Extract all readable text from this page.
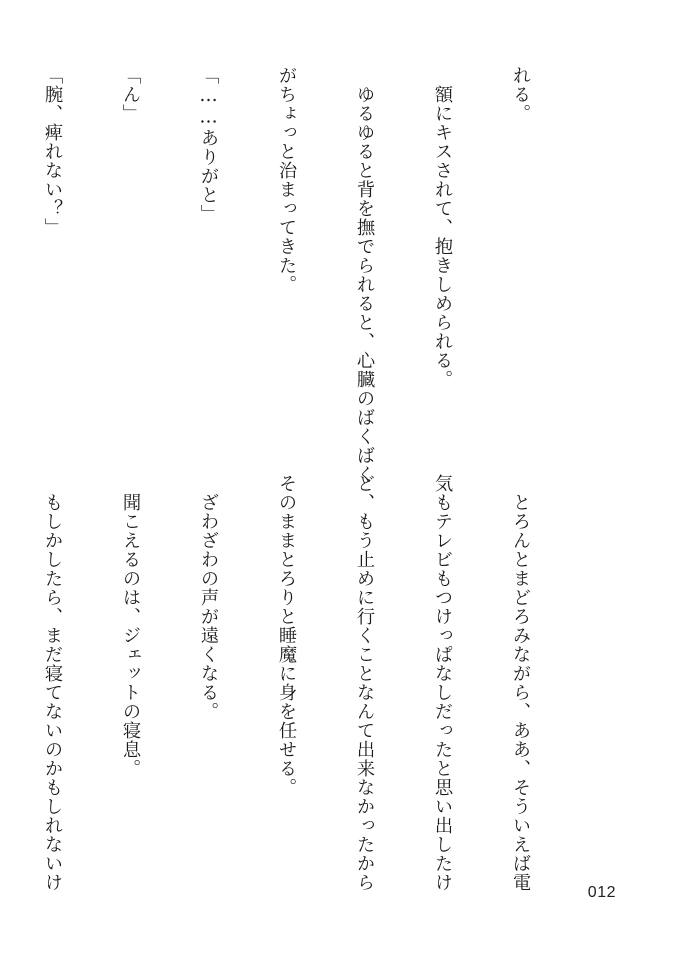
れる。

　額にキスされて、抱きしめられる。

　ゆるゆると背を撫でられると、心臓のばくばく

がちょっと治まってきた。

「……ありがと」

「ん」

「腕、痺れない？」

　とろんとまどろみながら、ああ、そういえば電

気もテレビもつけっぱなしだったと思い出したけ

ど、もう止めに行くことなんて出来なかったから

そのままとろりと睡魔に身を任せる。

　ざわざわの声が遠くなる。

　聞こえるのは、ジェットの寝息。

　もしかしたら、まだ寝てないのかもしれないけ

012
